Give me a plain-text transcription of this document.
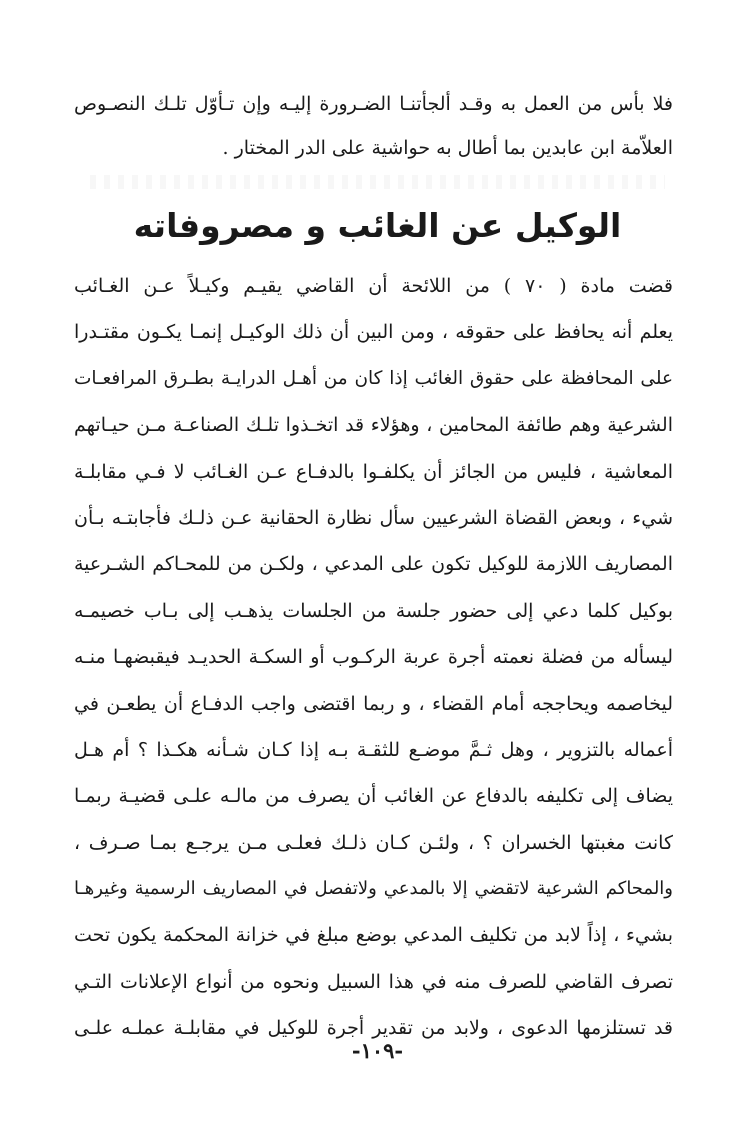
فلا بأس من العمل به وقـد ألجأتنـا الضـرورة إليـه وإن تـأوّل تلـك النصـوص
العلاّمة ابن عابدين بما أطال به حواشية على الدر المختار .
الوكيل عن الغائب و مصروفاته
قضت مادة ( ٧٠ ) من اللائحة أن القاضي يقيـم وكيـلاً عـن الغـائب
يعلم أنه يحافظ على حقوقه ، ومن البين أن ذلك الوكيـل إنمـا يكـون مقتـدرا
على المحافظة على حقوق الغائب إذا كان من أهـل الدرايـة بطـرق المرافعـات
الشرعية وهم طائفة المحامين ، وهؤلاء قد اتخـذوا تلـك الصناعـة مـن حيـاتهم
المعاشية ، فليس من الجائز أن يكلفـوا بالدفـاع عـن الغـائب لا فـي مقابلـة
شيء ، وبعض القضاة الشرعيين سأل نظارة الحقانية عـن ذلـك فأجابتـه بـأن
المصاريف اللازمة للوكيل تكون على المدعي ، ولكـن من للمحـاكم الشـرعية
بوكيل كلما دعي إلى حضور جلسة من الجلسات يذهـب إلى بـاب خصيمـه
ليسأله من فضلة نعمته أجرة عربة الركـوب أو السكـة الحديـد فيقبضهـا منـه
ليخاصمه ويحاججه أمام القضاء ، و ربما اقتضى واجب الدفـاع أن يطعـن في
أعماله بالتزوير ، وهل ثـمَّ موضـع للثقـة بـه إذا كـان شـأنه هكـذا ؟ أم هـل
يضاف إلى تكليفه بالدفاع عن الغائب أن يصرف من مالـه علـى قضيـة ربمـا
كانت مغبتها الخسران ؟ ، ولئـن كـان ذلـك فعلـى مـن يرجـع بمـا صـرف ،
والمحاكم الشرعية لاتقضي إلا بالمدعي ولاتفصل في المصاريف الرسمية وغيرهـا
بشيء ، إذاً لابد من تكليف المدعي بوضع مبلغ في خزانة المحكمة يكون تحت
تصرف القاضي للصرف منه في هذا السبيل ونحوه من أنواع الإعلانات التـي
قد تستلزمها الدعوى ، ولابد من تقدير أجرة للوكيل في مقابلـة عملـه علـى
-١٠٩-
